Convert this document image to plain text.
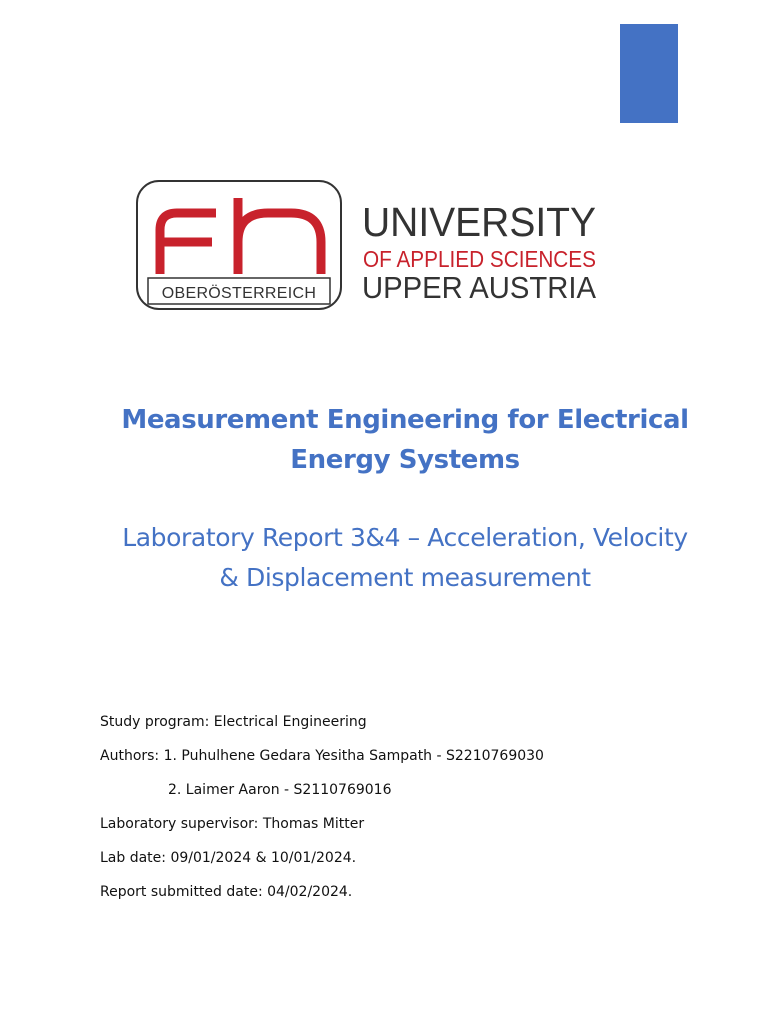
OBERÖSTERREICH
UNIVERSITY
OF APPLIED SCIENCES
UPPER AUSTRIA
Measurement Engineering for Electrical
Energy Systems
Laboratory Report 3&4 – Acceleration, Velocity
& Displacement measurement
Study program: Electrical Engineering
Authors: 1. Puhulhene Gedara Yesitha Sampath - S2210769030
2. Laimer Aaron - S2110769016
Laboratory supervisor: Thomas Mitter
Lab date: 09/01/2024 & 10/01/2024.
Report submitted date: 04/02/2024.
